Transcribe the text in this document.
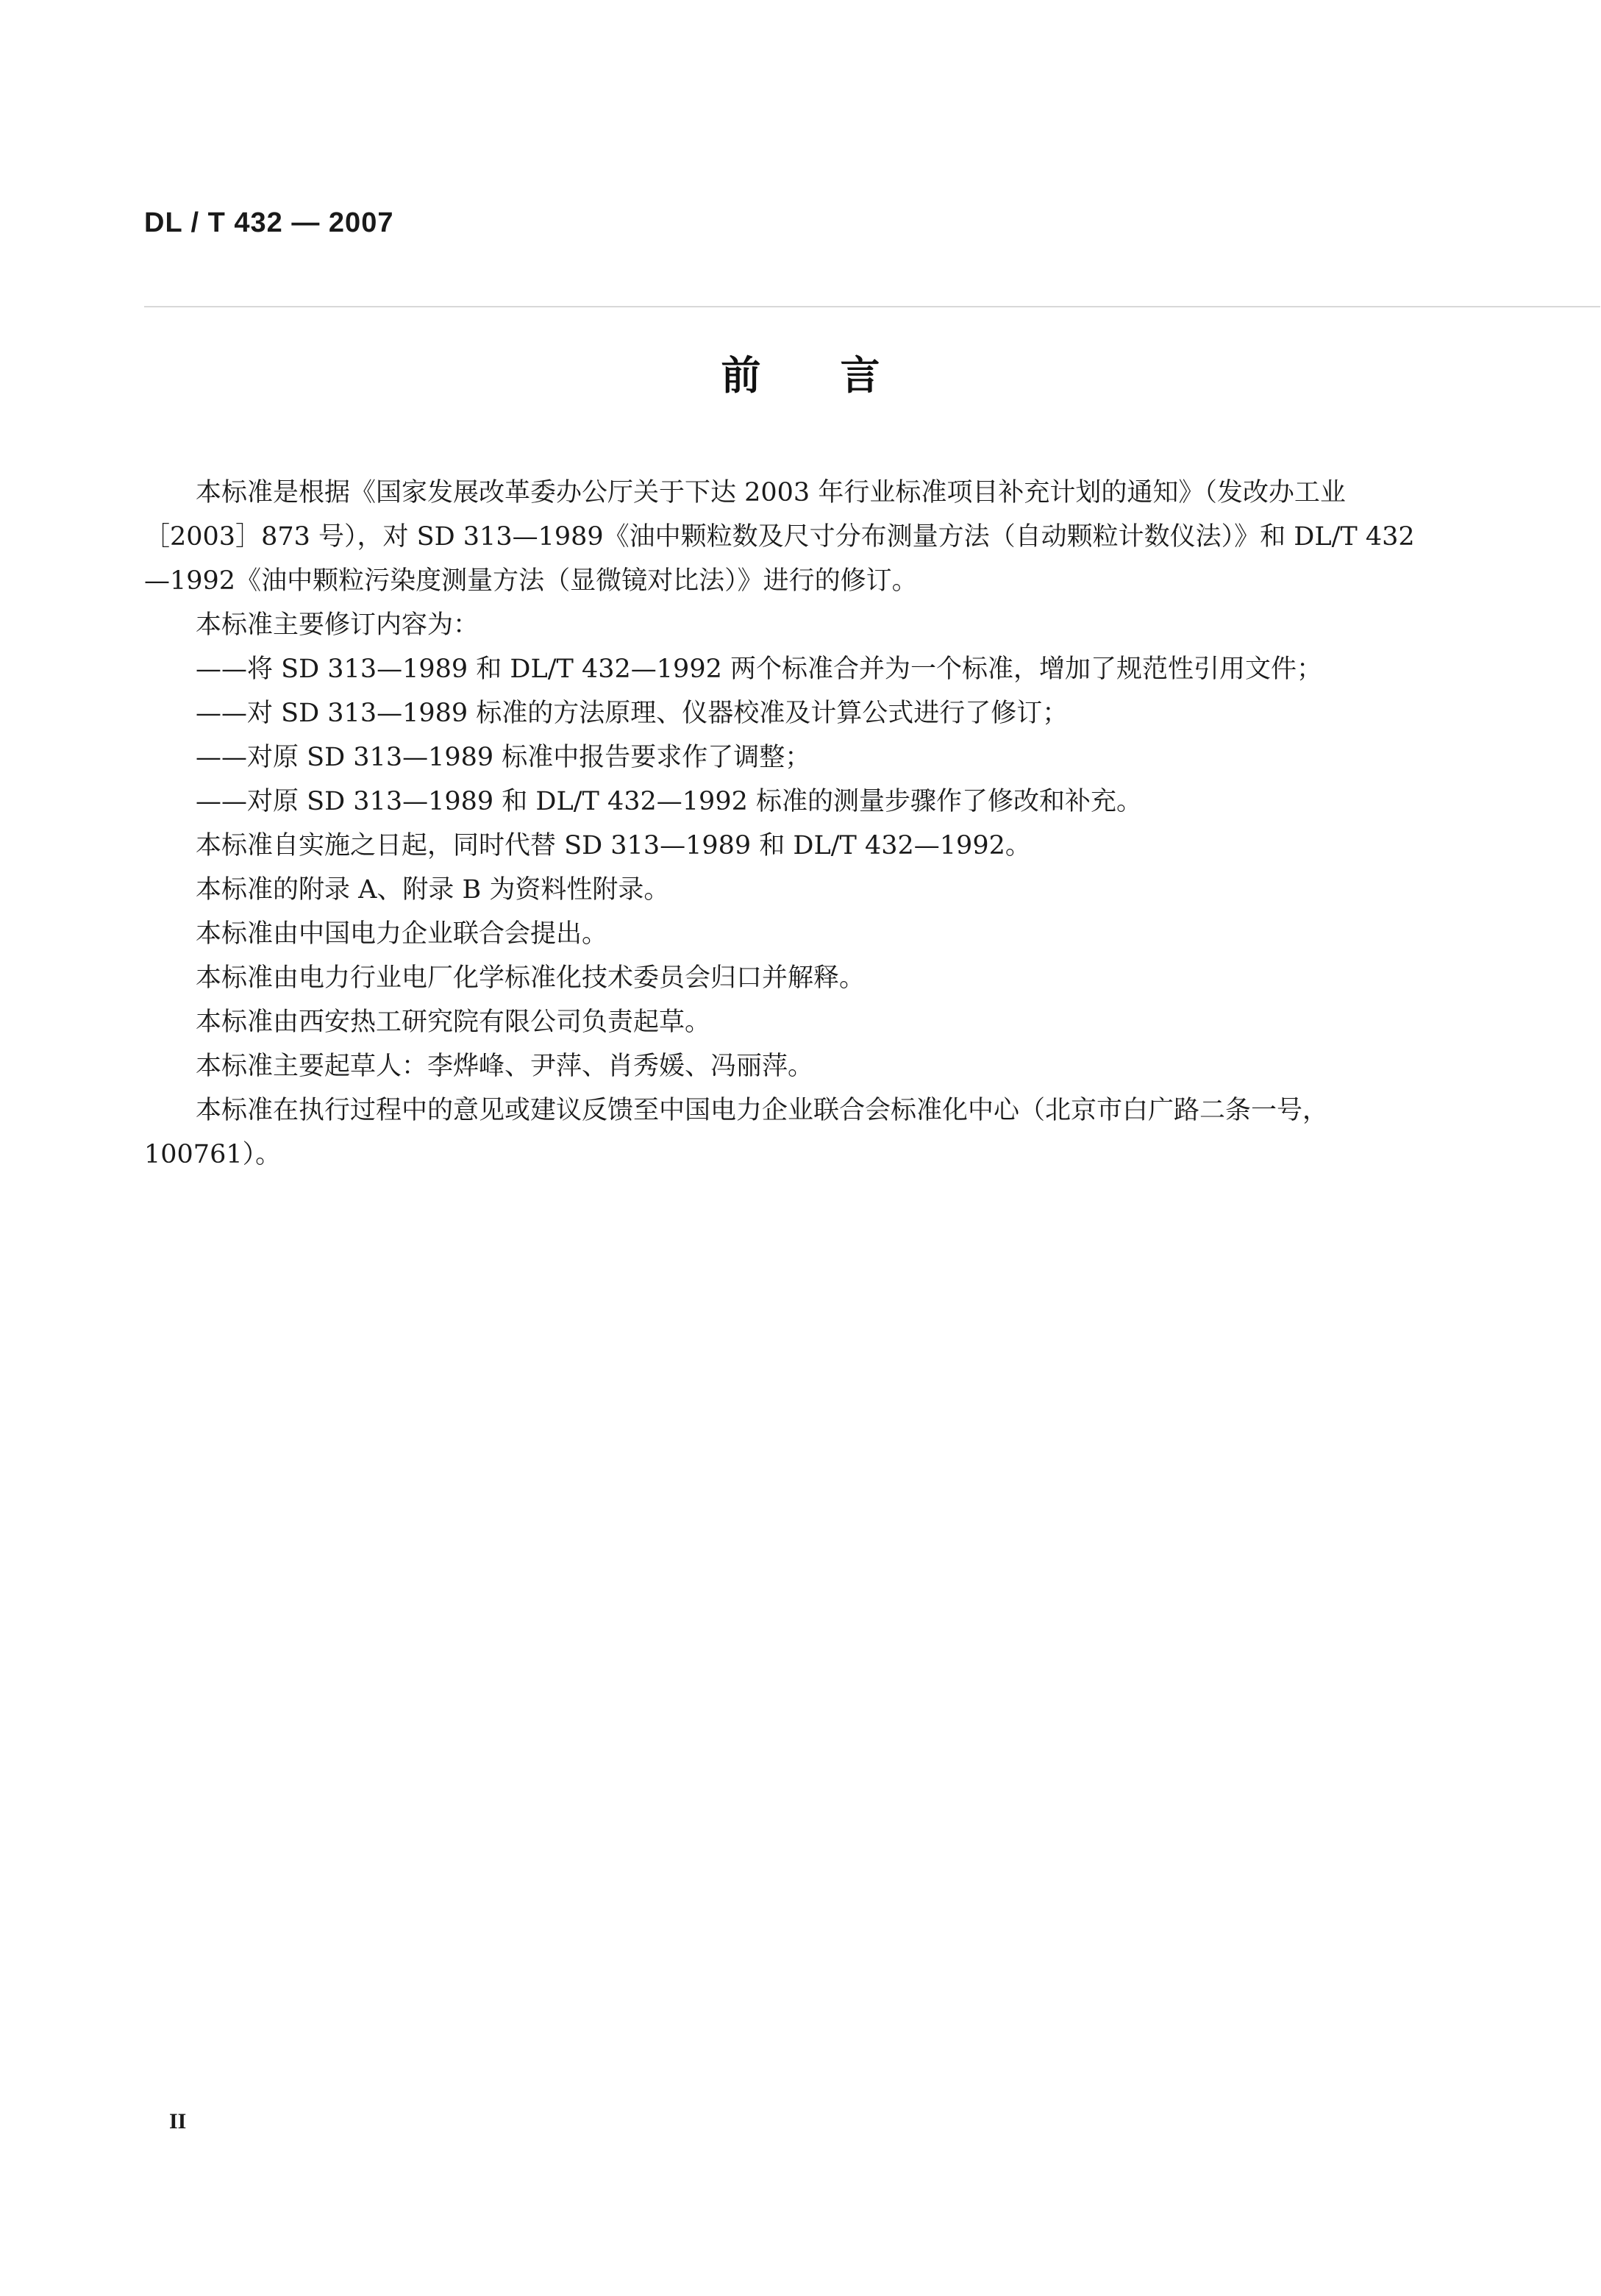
DL / T 432 — 2007
前言

本标准是根据《国家发展改革委办公厅关于下达 2003 年行业标准项目补充计划的通知》（发改办工业［2003］873 号），对 SD 313—1989《油中颗粒数及尺寸分布测量方法（自动颗粒计数仪法）》和 DL/T 432—1992《油中颗粒污染度测量方法（显微镜对比法）》进行的修订。

本标准主要修订内容为：

——将 SD 313—1989 和 DL/T 432—1992 两个标准合并为一个标准，增加了规范性引用文件；

——对 SD 313—1989 标准的方法原理、仪器校准及计算公式进行了修订；

——对原 SD 313—1989 标准中报告要求作了调整；

——对原 SD 313—1989 和 DL/T 432—1992 标准的测量步骤作了修改和补充。

本标准自实施之日起，同时代替 SD 313—1989 和 DL/T 432—1992。

本标准的附录 A、附录 B 为资料性附录。

本标准由中国电力企业联合会提出。

本标准由电力行业电厂化学标准化技术委员会归口并解释。

本标准由西安热工研究院有限公司负责起草。

本标准主要起草人：李烨峰、尹萍、肖秀媛、冯丽萍。

本标准在执行过程中的意见或建议反馈至中国电力企业联合会标准化中心（北京市白广路二条一号，100761）。

II
